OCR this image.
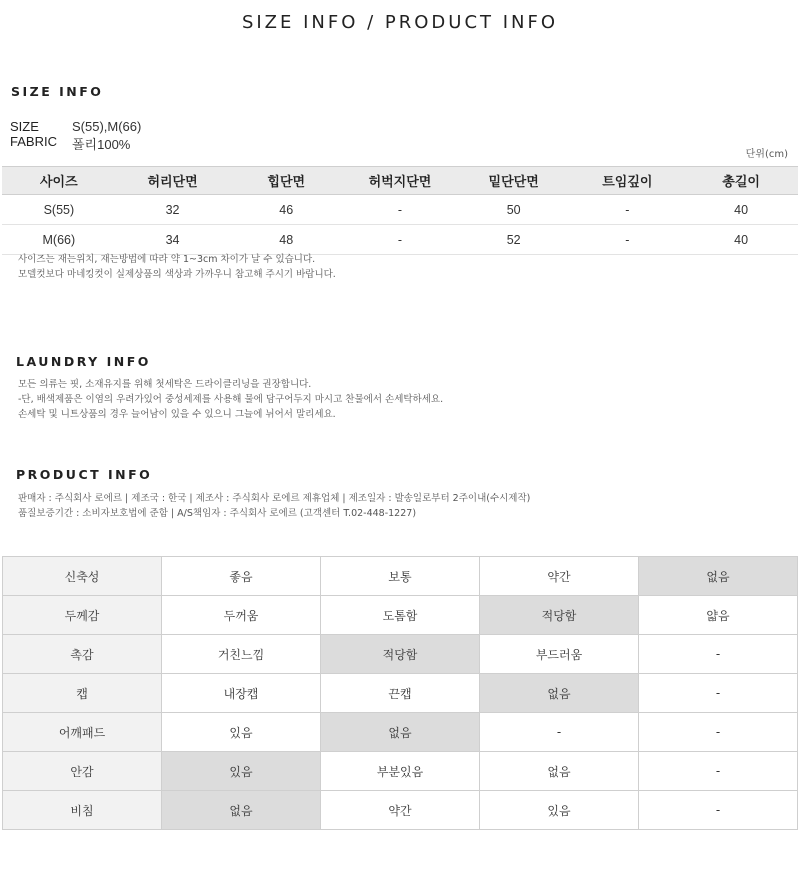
SIZE INFO / PRODUCT INFO
SIZE INFO
SIZE	S(55),M(66)
FABRIC 폴리100%
단위(cm)
사이즈	허리단면	힙단면	허벅지단면	밑단단면	트임깊이	총길이
S(55)	32	46	-	50	-	40
M(66)	34	48	-	52	-	40
사이즈는 재는위치, 재는방법에 따라 약 1~3cm 차이가 날 수 있습니다.
모델컷보다 마네킹컷이 실제상품의 색상과 가까우니 참고해 주시기 바랍니다.
LAUNDRY INFO
모든 의류는 핏, 소재유지를 위해 첫세탁은 드라이클리닝을 권장합니다.
-단, 배색제품은 이염의 우려가있어 중성세제를 사용해 물에 담구어두지 마시고 찬물에서 손세탁하세요.
손세탁 및 니트상품의 경우 늘어남이 있을 수 있으니 그늘에 뉘어서 말리세요.
PRODUCT INFO
판매자 : 주식회사 로에르 | 제조국 : 한국 | 제조사 : 주식회사 로에르 제휴업체 | 제조일자 : 발송일로부터 2주이내(수시제작)
품질보증기간 : 소비자보호법에 준함 | A/S책임자 : 주식회사 로에르 (고객센터 T.02-448-1227)
신축성	좋음	보통	약간	없음
두께감	두꺼움	도톰함	적당함	얇음
촉감	거친느낌	적당함	부드러움	-
캡	내장캡	끈캡	없음	-
어깨패드	있음	없음	-	-
안감	있음	부분있음	없음	-
비침	없음	약간	있음	-
